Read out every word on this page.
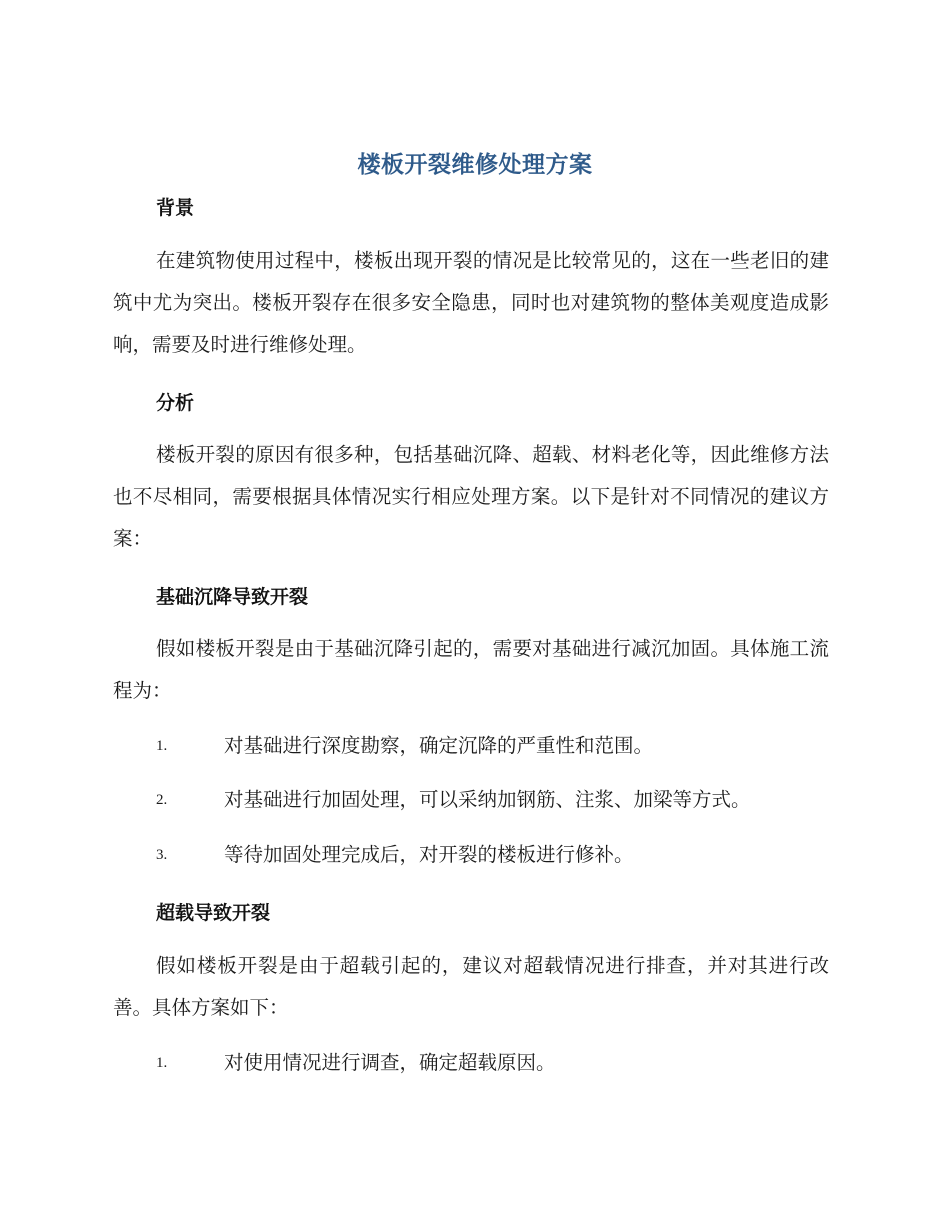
楼板开裂维修处理方案
背景
在建筑物使用过程中，楼板出现开裂的情况是比较常见的，这在一些老旧的建筑中尤为突出。楼板开裂存在很多安全隐患，同时也对建筑物的整体美观度造成影响，需要及时进行维修处理。
分析
楼板开裂的原因有很多种，包括基础沉降、超载、材料老化等，因此维修方法也不尽相同，需要根据具体情况实行相应处理方案。以下是针对不同情况的建议方案：
基础沉降导致开裂
假如楼板开裂是由于基础沉降引起的，需要对基础进行减沉加固。具体施工流程为：
1.	对基础进行深度勘察，确定沉降的严重性和范围。
2.	对基础进行加固处理，可以采纳加钢筋、注浆、加梁等方式。
3.	等待加固处理完成后，对开裂的楼板进行修补。
超载导致开裂
假如楼板开裂是由于超载引起的，建议对超载情况进行排查，并对其进行改善。具体方案如下：
1.	对使用情况进行调查，确定超载原因。
